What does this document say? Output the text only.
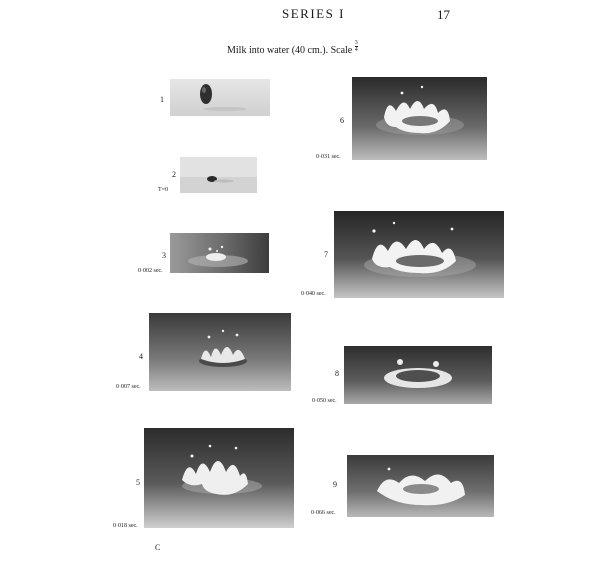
SERIES I	17
Milk into water (40 cm.). Scale $\frac{3}{4}$
1
2
T=0
3
0·002 sec.
4
0·007 sec.
5
0·018 sec.
6
0·031 sec.
7
0·040 sec.
8
0·050 sec.
9
0·066 sec.
C
